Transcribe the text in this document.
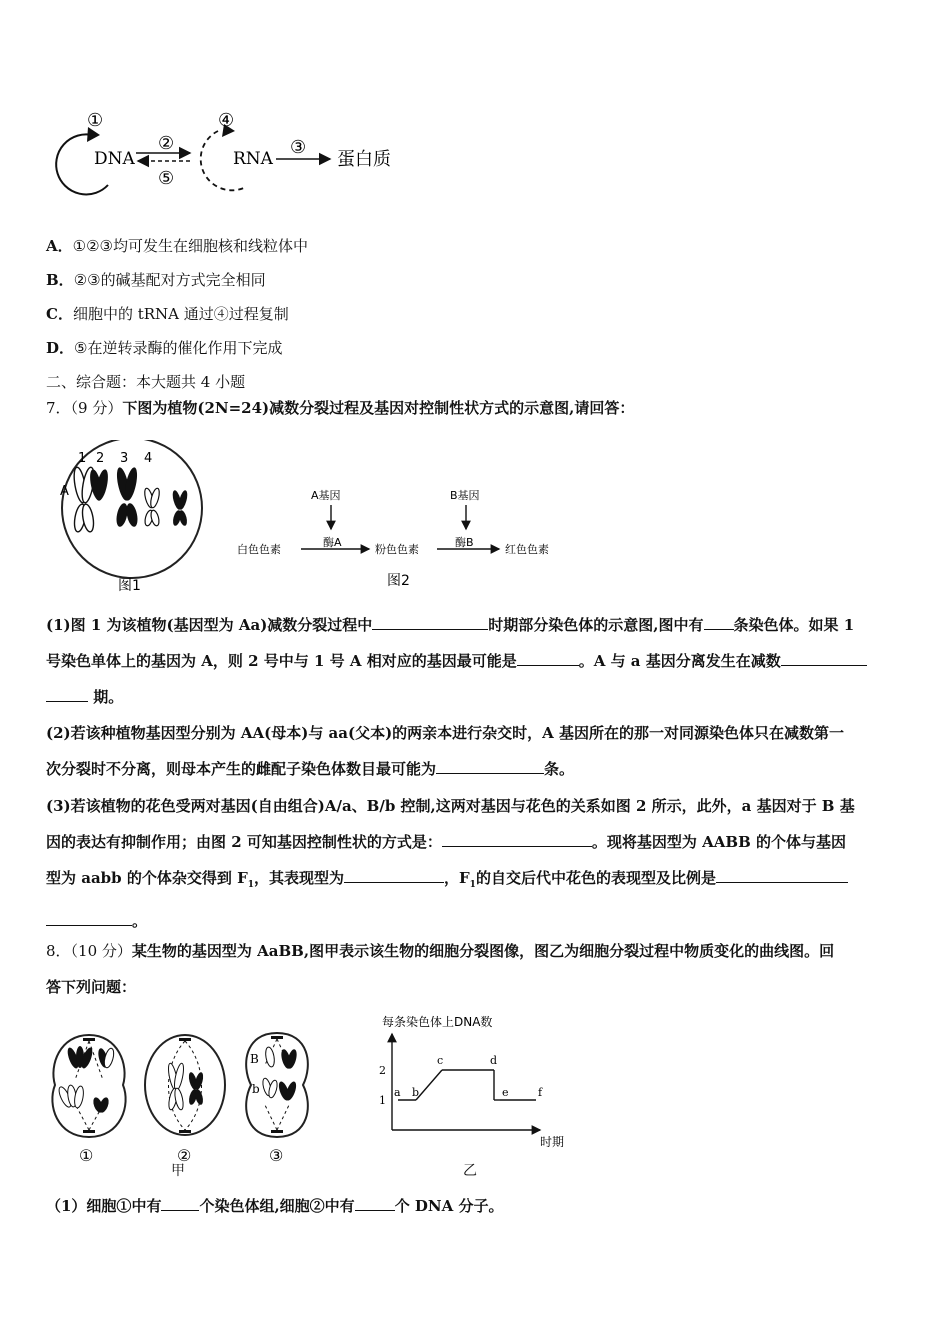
①
DNA
②
⑤
④
RNA
③
蛋白质
A．①②③均可发生在细胞核和线粒体中
B．②③的碱基配对方式完全相同
C．细胞中的 tRNA 通过④过程复制
D．⑤在逆转录酶的催化作用下完成
二、综合题：本大题共 4 小题
7．（9 分）下图为植物(2N=24)减数分裂过程及基因对控制性状方式的示意图,请回答：
1 2 3 4
A
图1
A基因
酶A
B基因
酶B
白色色素	粉色色素	红色色素
图2
(1)图 1 为该植物(基因型为 Aa)减数分裂过程中	时期部分染色体的示意图,图中有 条染色体。如果 1
号染色单体上的基因为 A，则 2 号中与 1 号 A 相对应的基因最可能是	。A 与 a 基因分离发生在减数
期。
(2)若该种植物基因型分别为 AA(母本)与 aa(父本)的两亲本进行杂交时，A 基因所在的那一对同源染色体只在减数第一
次分裂时不分离，则母本产生的雌配子染色体数目最可能为	条。
(3)若该植物的花色受两对基因(自由组合)A/a、B/b 控制,这两对基因与花色的关系如图 2 所示，此外，a 基因对于 B 基
因的表达有抑制作用；由图 2 可知基因控制性状的方式是：	。现将基因型为 AABB 的个体与基因
型为 aabb 的个体杂交得到 $F_1$，其表现型为	，$F_1$的自交后代中花色的表现型及比例是
。
8．（10 分）某生物的基因型为 AaBB,图甲表示该生物的细胞分裂图像，图乙为细胞分裂过程中物质变化的曲线图。回
答下列问题：
B
b
①	②	③
甲
每条染色体上DNA数
时期
1
2
a b
c	d
e	f
乙
（1）细胞①中有	个染色体组,细胞②中有	个 DNA 分子。
